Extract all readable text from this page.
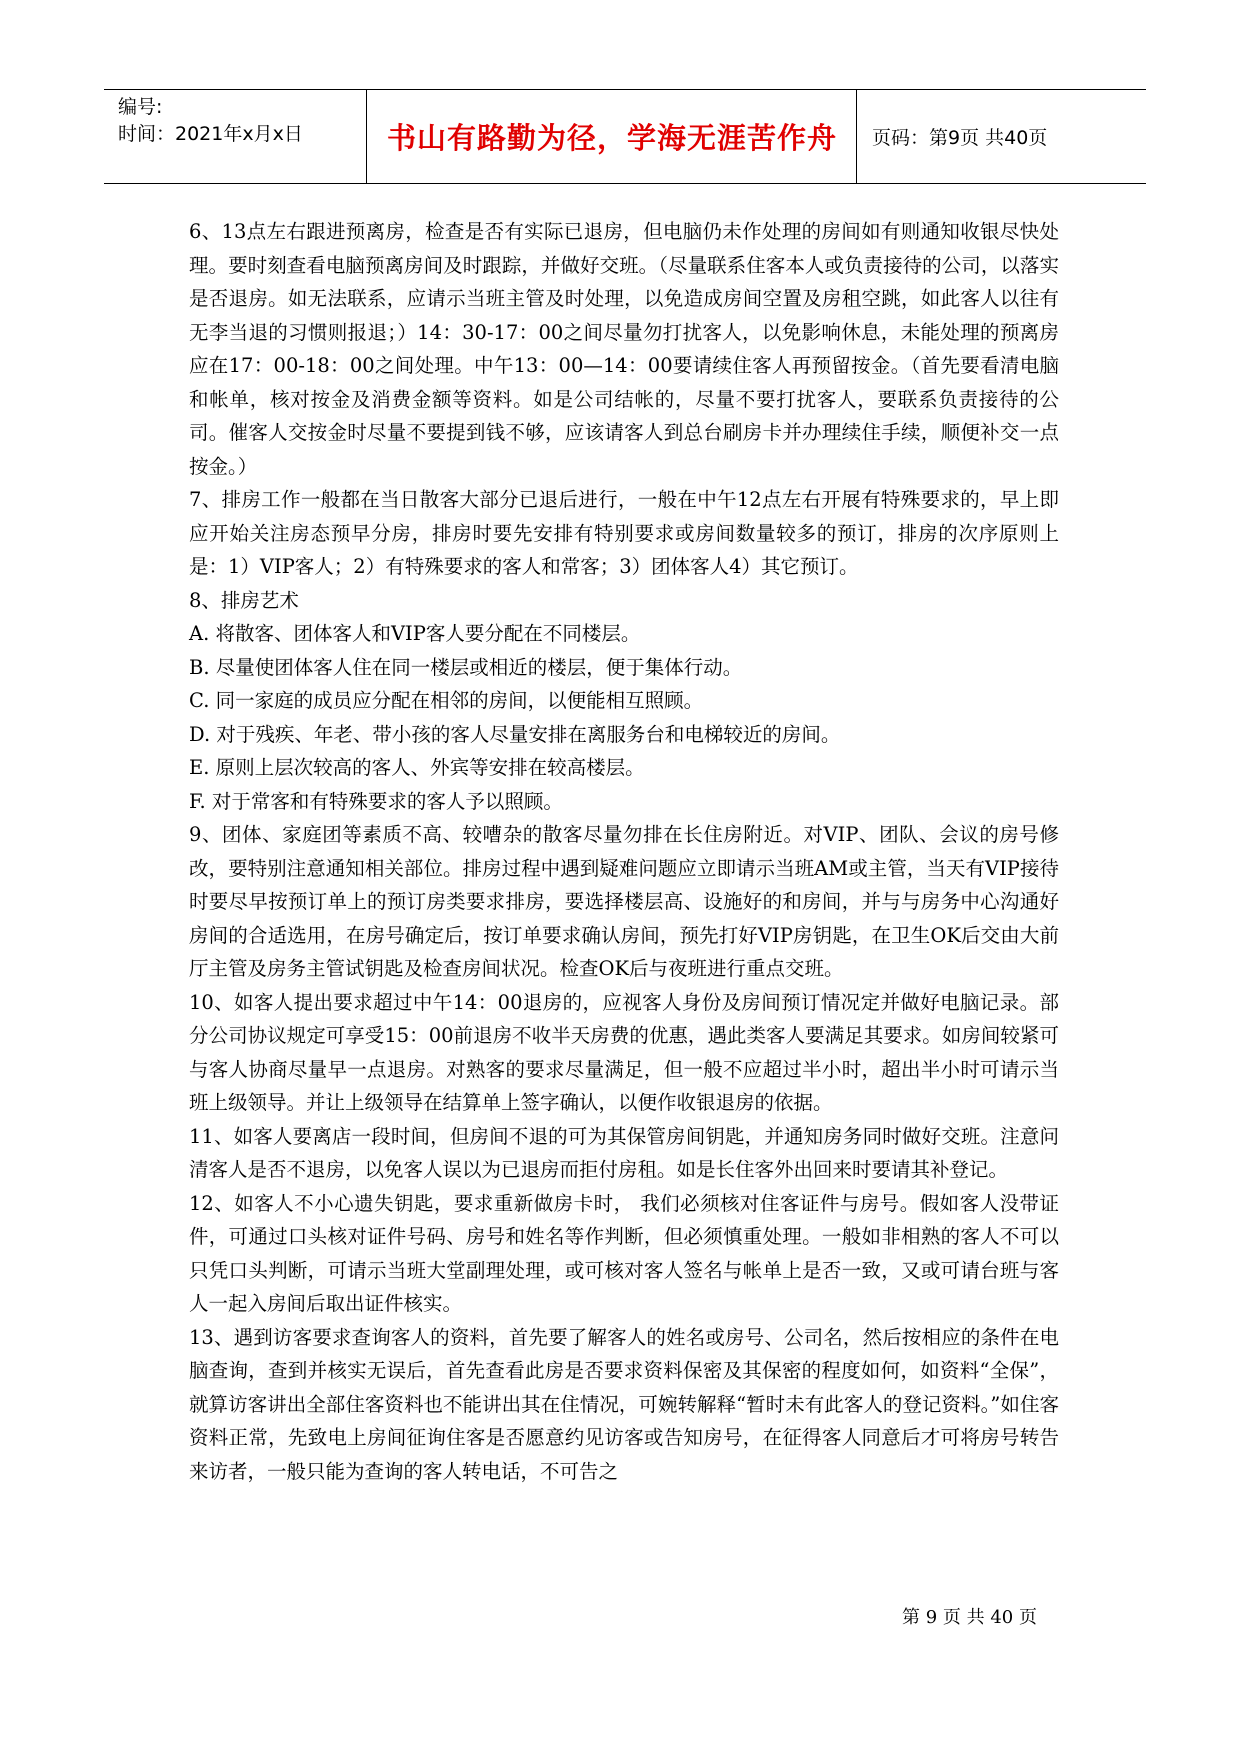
编号:
时间：2021年x月x日	书山有路勤为径，学海无涯苦作舟	页码：第9页 共40页

6、13点左右跟进预离房，检查是否有实际已退房，但电脑仍未作处理的房间如有则通知收银尽快处理。要时刻查看电脑预离房间及时跟踪，并做好交班。（尽量联系住客本人或负责接待的公司，以落实是否退房。如无法联系，应请示当班主管及时处理，以免造成房间空置及房租空跳，如此客人以往有无李当退的习惯则报退；）14：30-17：00之间尽量勿打扰客人，以免影响休息，未能处理的预离房应在17：00-18：00之间处理。中午13：00—14：00要请续住客人再预留按金。（首先要看清电脑和帐单，核对按金及消费金额等资料。如是公司结帐的，尽量不要打扰客人，要联系负责接待的公司。催客人交按金时尽量不要提到钱不够，应该请客人到总台刷房卡并办理续住手续，顺便补交一点按金。）

7、排房工作一般都在当日散客大部分已退后进行，一般在中午12点左右开展有特殊要求的，早上即应开始关注房态预早分房，排房时要先安排有特别要求或房间数量较多的预订，排房的次序原则上是：1）VIP客人；2）有特殊要求的客人和常客；3）团体客人4）其它预订。

8、排房艺术

A. 将散客、团体客人和VIP客人要分配在不同楼层。

B. 尽量使团体客人住在同一楼层或相近的楼层，便于集体行动。

C. 同一家庭的成员应分配在相邻的房间，以便能相互照顾。

D. 对于残疾、年老、带小孩的客人尽量安排在离服务台和电梯较近的房间。

E. 原则上层次较高的客人、外宾等安排在较高楼层。

F. 对于常客和有特殊要求的客人予以照顾。

9、团体、家庭团等素质不高、较嘈杂的散客尽量勿排在长住房附近。对VIP、团队、会议的房号修改，要特别注意通知相关部位。排房过程中遇到疑难问题应立即请示当班AM或主管，当天有VIP接待时要尽早按预订单上的预订房类要求排房，要选择楼层高、设施好的和房间，并与与房务中心沟通好房间的合适选用，在房号确定后，按订单要求确认房间，预先打好VIP房钥匙，在卫生OK后交由大前厅主管及房务主管试钥匙及检查房间状况。检查OK后与夜班进行重点交班。

10、如客人提出要求超过中午14：00退房的，应视客人身份及房间预订情况定并做好电脑记录。部分公司协议规定可享受15：00前退房不收半天房费的优惠，遇此类客人要满足其要求。如房间较紧可与客人协商尽量早一点退房。对熟客的要求尽量满足，但一般不应超过半小时，超出半小时可请示当班上级领导。并让上级领导在结算单上签字确认，以便作收银退房的依据。

11、如客人要离店一段时间，但房间不退的可为其保管房间钥匙，并通知房务同时做好交班。注意问清客人是否不退房，以免客人误以为已退房而拒付房租。如是长住客外出回来时要请其补登记。

12、如客人不小心遗失钥匙，要求重新做房卡时， 我们必须核对住客证件与房号。假如客人没带证件，可通过口头核对证件号码、房号和姓名等作判断，但必须慎重处理。一般如非相熟的客人不可以只凭口头判断，可请示当班大堂副理处理，或可核对客人签名与帐单上是否一致，又或可请台班与客人一起入房间后取出证件核实。

13、遇到访客要求查询客人的资料，首先要了解客人的姓名或房号、公司名，然后按相应的条件在电脑查询，查到并核实无误后，首先查看此房是否要求资料保密及其保密的程度如何，如资料“全保”，就算访客讲出全部住客资料也不能讲出其在住情况，可婉转解释“暂时未有此客人的登记资料。”如住客资料正常，先致电上房间征询住客是否愿意约见访客或告知房号，在征得客人同意后才可将房号转告来访者，一般只能为查询的客人转电话，不可告之

第 9 页 共 40 页
